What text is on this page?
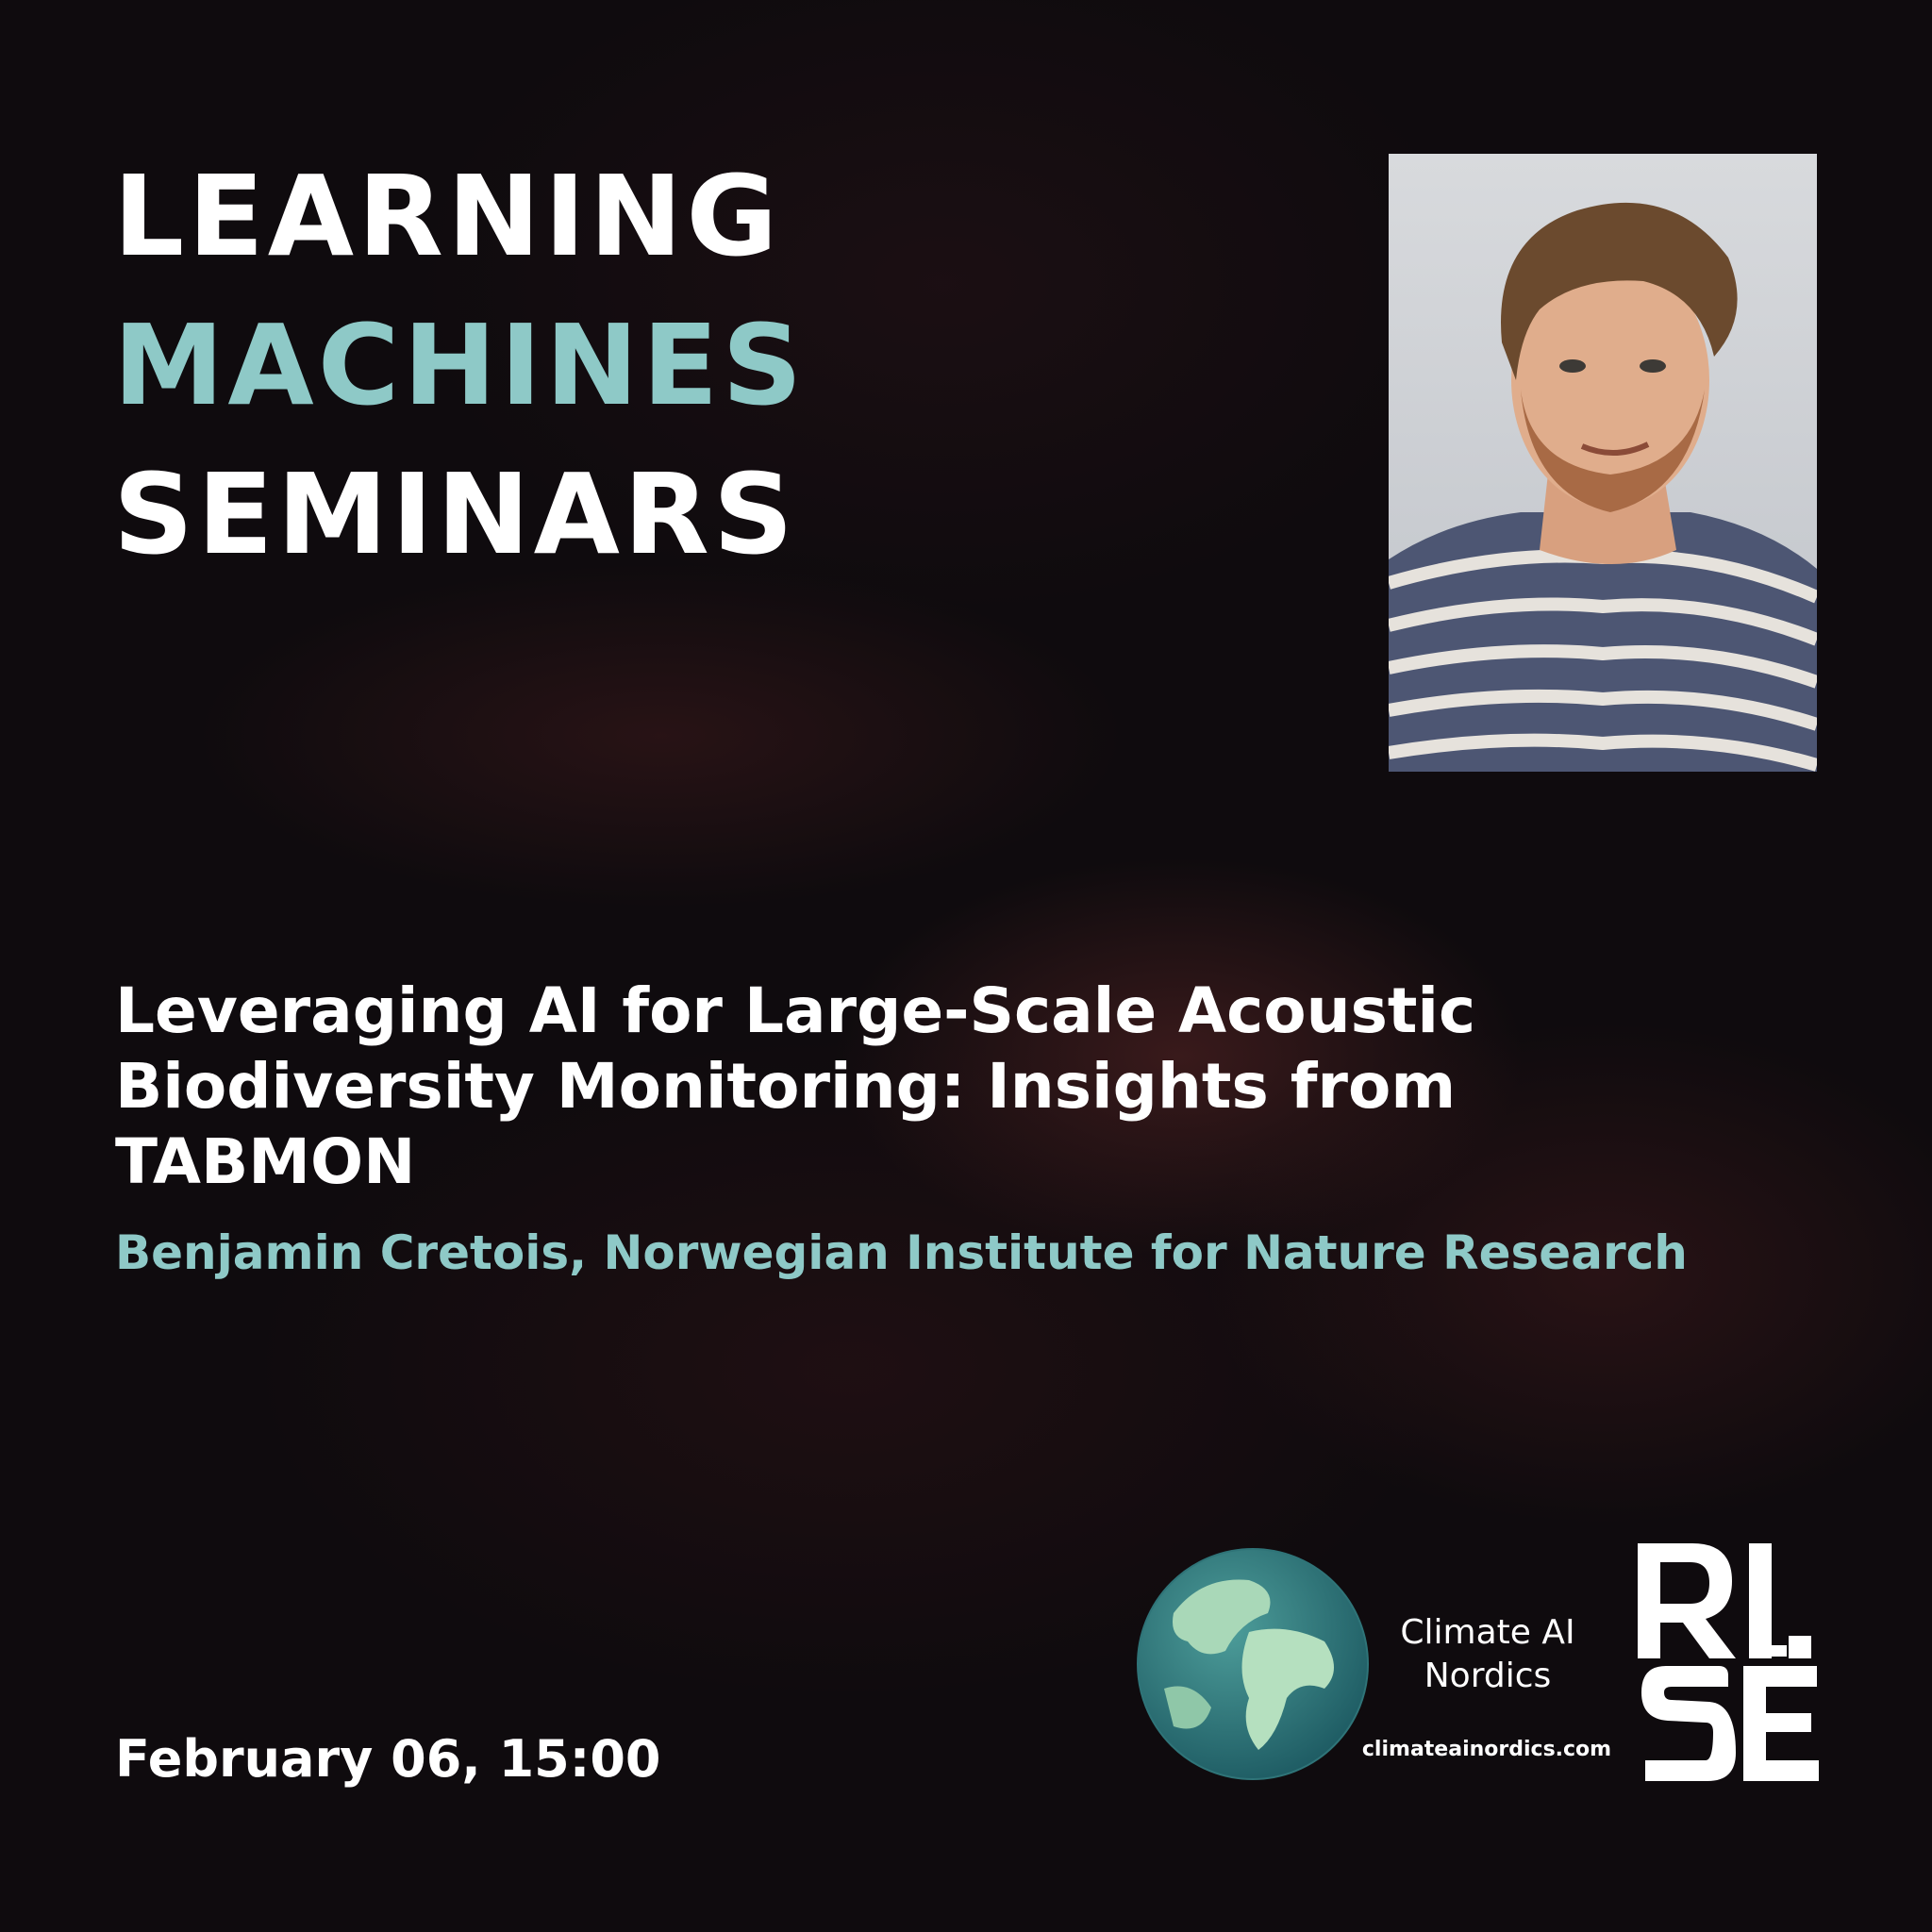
LEARNING
MACHINES
SEMINARS
Leveraging AI for Large-Scale Acoustic Biodiversity Monitoring: Insights from TABMON
Benjamin Cretois, Norwegian Institute for Nature Research
February 06, 15:00
Climate AI
Nordics
climateainordics.com
